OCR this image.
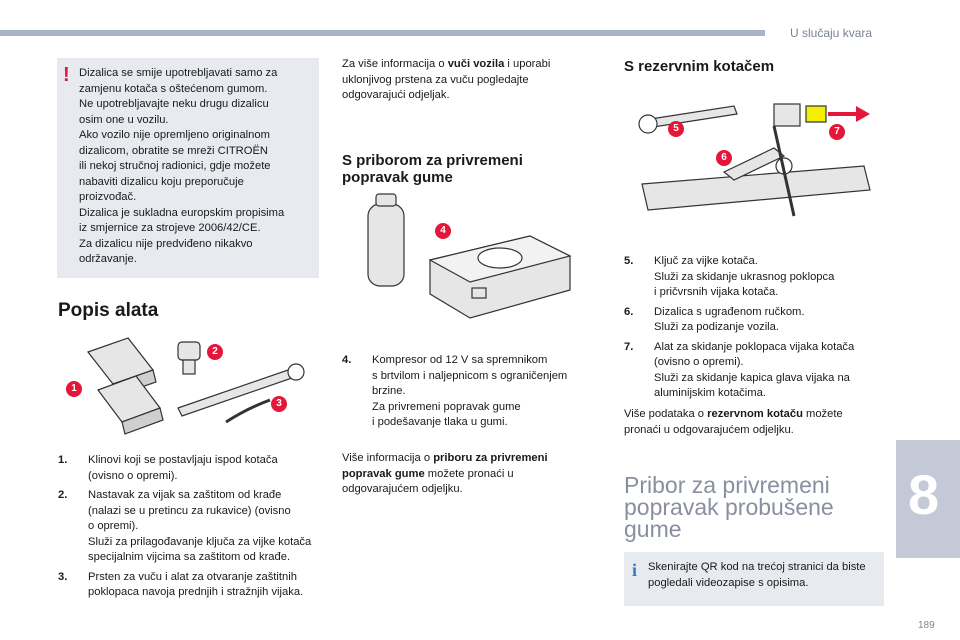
U slučaju kvara
8
189
! Dizalica se smije upotrebljavati samo za
zamjenu kotača s oštećenom gumom.
Ne upotrebljavajte neku drugu dizalicu
osim one u vozilu.
Ako vozilo nije opremljeno originalnom
dizalicom, obratite se mreži CITROËN
ili nekoj stručnoj radionici, gdje možete
nabaviti dizalicu koju preporučuje
proizvođač.
Dizalica je sukladna europskim propisima
iz smjernice za strojeve 2006/42/CE.
Za dizalicu nije predviđeno nikakvo
održavanje.
Popis alata
1
2
3
1. Klinovi koji se postavljaju ispod kotača
(ovisno o opremi).
2. Nastavak za vijak sa zaštitom od krađe
(nalazi se u pretincu za rukavice) (ovisno
o opremi).
Služi za prilagođavanje ključa za vijke kotača
specijalnim vijcima sa zaštitom od krađe.
3. Prsten za vuču i alat za otvaranje zaštitnih
poklopaca navoja prednjih i stražnjih vijaka.
Za više informacija o vuči vozila i uporabi uklonjivog prstena za vuču pogledajte odgovarajući odjeljak.
S priborom za privremeni popravak gume
4
4. Kompresor od 12 V sa spremnikom
s brtvilom i naljepnicom s ograničenjem
brzine.
Za privremeni popravak gume
i podešavanje tlaka u gumi.
Više informacija o priboru za privremeni popravak gume možete pronaći u odgovarajućem odjeljku.
S rezervnim kotačem
5
6
7
5. Ključ za vijke kotača.
Služi za skidanje ukrasnog poklopca
i pričvrsnih vijaka kotača.
6. Dizalica s ugrađenom ručkom.
Služi za podizanje vozila.
7. Alat za skidanje poklopaca vijaka kotača
(ovisno o opremi).
Služi za skidanje kapica glava vijaka na
aluminijskim kotačima.
Više podataka o rezervnom kotaču možete pronaći u odgovarajućem odjeljku.
Pribor za privremeni popravak probušene gume
i Skenirajte QR kod na trećoj stranici da biste pogledali videozapise s opisima.
